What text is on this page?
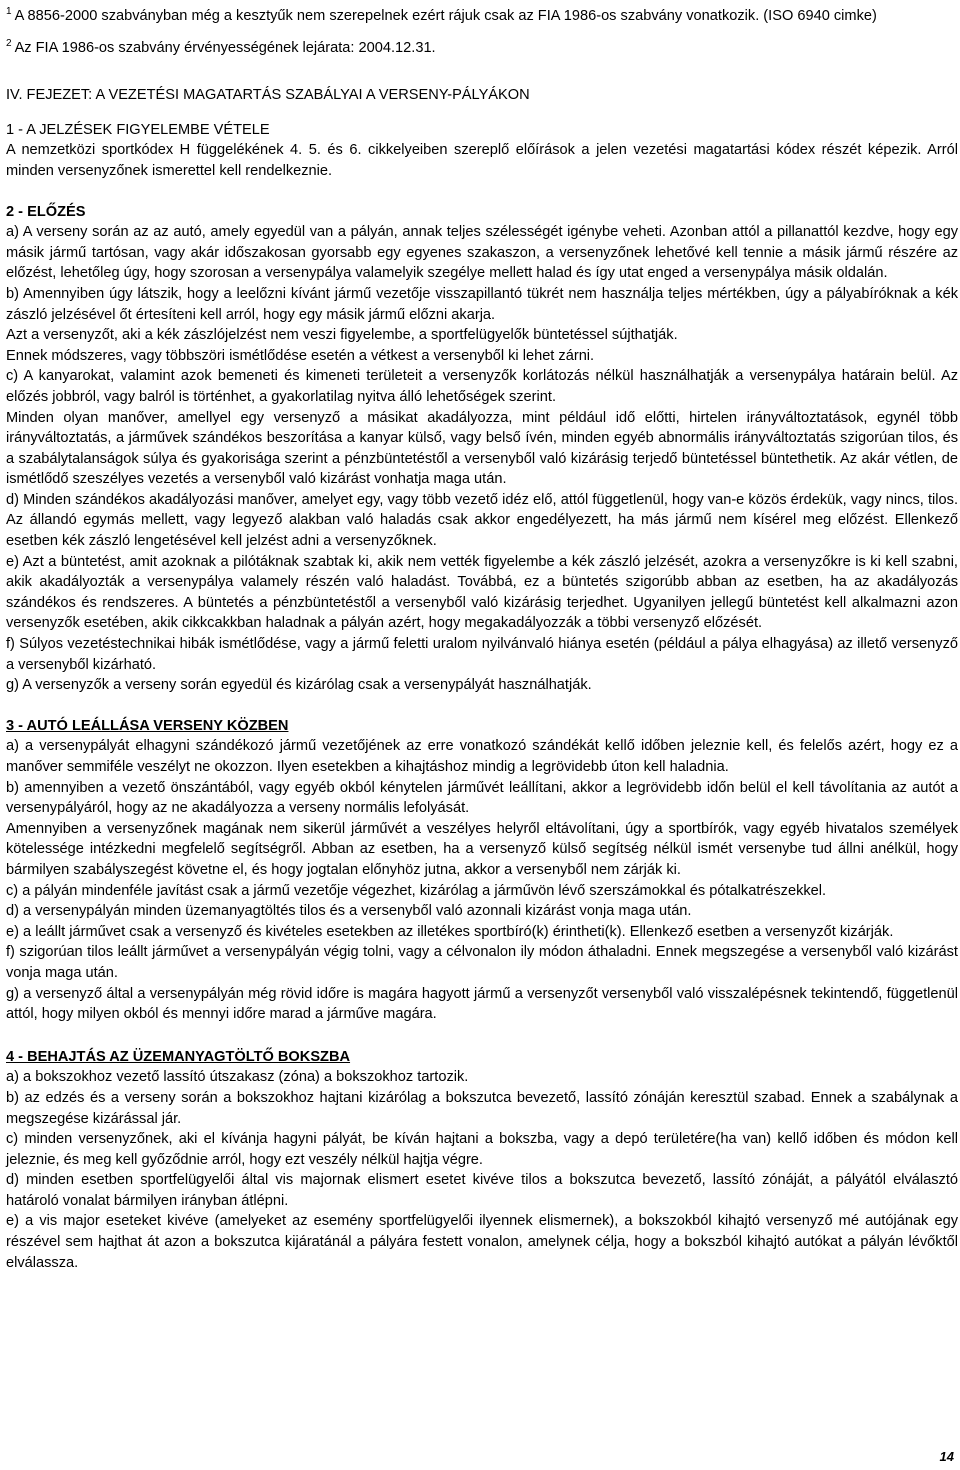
$^1$ A 8856-2000 szabványban még a kesztyűk nem szerepelnek ezért rájuk csak az FIA 1986-os szabvány vonatkozik. (ISO 6940 cimke)

$^2$ Az FIA 1986-os szabvány érvényességének lejárata: 2004.12.31.

IV. FEJEZET: A VEZETÉSI MAGATARTÁS SZABÁLYAI A VERSENY-PÁLYÁKON
1 - A JELZÉSEK FIGYELEMBE VÉTELE

A nemzetközi sportkódex H függelékének 4. 5. és 6. cikkelyeiben szereplő előírások a jelen vezetési magatartási kódex részét képezik. Arról minden versenyzőnek ismerettel kell rendelkeznie.

2 - ELŐZÉS

a) A verseny során az az autó, amely egyedül van a pályán, annak teljes szélességét igénybe veheti. Azonban attól a pillanattól kezdve, hogy egy másik jármű tartósan, vagy akár időszakosan gyorsabb egy egyenes szakaszon, a versenyzőnek lehetővé kell tennie a másik jármű részére az előzést, lehetőleg úgy, hogy szorosan a versenypálya valamelyik szegélye mellett halad és így utat enged a versenypálya másik oldalán.

b) Amennyiben úgy látszik, hogy a leelőzni kívánt jármű vezetője visszapillantó tükrét nem használja teljes mértékben, úgy a pályabíróknak a kék zászló jelzésével őt értesíteni kell arról, hogy egy másik jármű előzni akarja.

Azt a versenyzőt, aki a kék zászlójelzést nem veszi figyelembe, a sportfelügyelők büntetéssel sújthatják.

Ennek módszeres, vagy többszöri ismétlődése esetén a vétkest a versenyből ki lehet zárni.

c) A kanyarokat, valamint azok bemeneti és kimeneti területeit a versenyzők korlátozás nélkül használhatják a versenypálya határain belül. Az előzés jobbról, vagy balról is történhet, a gyakorlatilag nyitva álló lehetőségek szerint.

Minden olyan manőver, amellyel egy versenyző a másikat akadályozza, mint például idő előtti, hirtelen irányváltoztatások, egynél több irányváltoztatás, a járművek szándékos beszorítása a kanyar külső, vagy belső ívén, minden egyéb abnormális irányváltoztatás szigorúan tilos, és a szabálytalanságok súlya és gyakorisága szerint a pénzbüntetéstől a versenyből való kizárásig terjedő büntetéssel büntethetik. Az akár vétlen, de ismétlődő szeszélyes vezetés a versenyből való kizárást vonhatja maga után.

d) Minden szándékos akadályozási manőver, amelyet egy, vagy több vezető idéz elő, attól függetlenül, hogy van-e közös érdekük, vagy nincs, tilos. Az állandó egymás mellett, vagy legyező alakban való haladás csak akkor engedélyezett, ha más jármű nem kísérel meg előzést. Ellenkező esetben kék zászló lengetésével kell jelzést adni a versenyzőknek.

e) Azt a büntetést, amit azoknak a pilótáknak szabtak ki, akik nem vették figyelembe a kék zászló jelzését, azokra a versenyzőkre is ki kell szabni, akik akadályozták a versenypálya valamely részén való haladást. Továbbá, ez a büntetés szigorúbb abban az esetben, ha az akadályozás szándékos és rendszeres. A büntetés a pénzbüntetéstől a versenyből való kizárásig terjedhet. Ugyanilyen jellegű büntetést kell alkalmazni azon versenyzők esetében, akik cikkcakkban haladnak a pályán azért, hogy megakadályozzák a többi versenyző előzését.

f) Súlyos vezetéstechnikai hibák ismétlődése, vagy a jármű feletti uralom nyilvánvaló hiánya esetén (például a pálya elhagyása) az illető versenyző a versenyből kizárható.

g) A versenyzők a verseny során egyedül és kizárólag csak a versenypályát használhatják.

3 - AUTÓ LEÁLLÁSA VERSENY KÖZBEN

a) a versenypályát elhagyni szándékozó jármű vezetőjének az erre vonatkozó szándékát kellő időben jeleznie kell, és felelős azért, hogy ez a manőver semmiféle veszélyt ne okozzon. Ilyen esetekben a kihajtáshoz mindig a legrövidebb úton kell haladnia.

b) amennyiben a vezető önszántából, vagy egyéb okból kénytelen járművét leállítani, akkor a legrövidebb időn belül el kell távolítania az autót a versenypályáról, hogy az ne akadályozza a verseny normális lefolyását.

Amennyiben a versenyzőnek magának nem sikerül járművét a veszélyes helyről eltávolítani, úgy a sportbírók, vagy egyéb hivatalos személyek kötelessége intézkedni megfelelő segítségről. Abban az esetben, ha a versenyző külső segítség nélkül ismét versenybe tud állni anélkül, hogy bármilyen szabályszegést követne el, és hogy jogtalan előnyhöz jutna, akkor a versenyből nem zárják ki.

c) a pályán mindenféle javítást csak a jármű vezetője végezhet, kizárólag a járművön lévő szerszámokkal és pótalkatrészekkel.

d) a versenypályán minden üzemanyagtöltés tilos és a versenyből való azonnali kizárást vonja maga után.

e) a leállt járművet csak a versenyző és kivételes esetekben az illetékes sportbíró(k) érintheti(k). Ellenkező esetben a versenyzőt kizárják.

f) szigorúan tilos leállt járművet a versenypályán végig tolni, vagy a célvonalon ily módon áthaladni. Ennek megszegése a versenyből való kizárást vonja maga után.

g) a versenyző által a versenypályán még rövid időre is magára hagyott jármű a versenyzőt versenyből való visszalépésnek tekintendő, függetlenül attól, hogy milyen okból és mennyi időre marad a járműve magára.

4 - BEHAJTÁS AZ ÜZEMANYAGTÖLTŐ BOKSZBA

a) a bokszokhoz vezető lassító útszakasz (zóna) a bokszokhoz tartozik.

b) az edzés és a verseny során a bokszokhoz hajtani kizárólag a bokszutca bevezető, lassító zónáján keresztül szabad. Ennek a szabálynak a megszegése kizárással jár.

c) minden versenyzőnek, aki el kívánja hagyni pályát, be kíván hajtani a bokszba, vagy a depó területére(ha van) kellő időben és módon kell jeleznie, és meg kell győződnie arról, hogy ezt veszély nélkül hajtja végre.

d) minden esetben sportfelügyelői által vis majornak elismert esetet kivéve tilos a bokszutca bevezető, lassító zónáját, a pályától elválasztó határoló vonalat bármilyen irányban átlépni.

e) a vis major eseteket kivéve (amelyeket az esemény sportfelügyelői ilyennek elismernek), a bokszokból kihajtó versenyző mé autójának egy részével sem hajthat át azon a bokszutca kijáratánál a pályára festett vonalon, amelynek célja, hogy a bokszból kihajtó autókat a pályán lévőktől elválassza.

14
